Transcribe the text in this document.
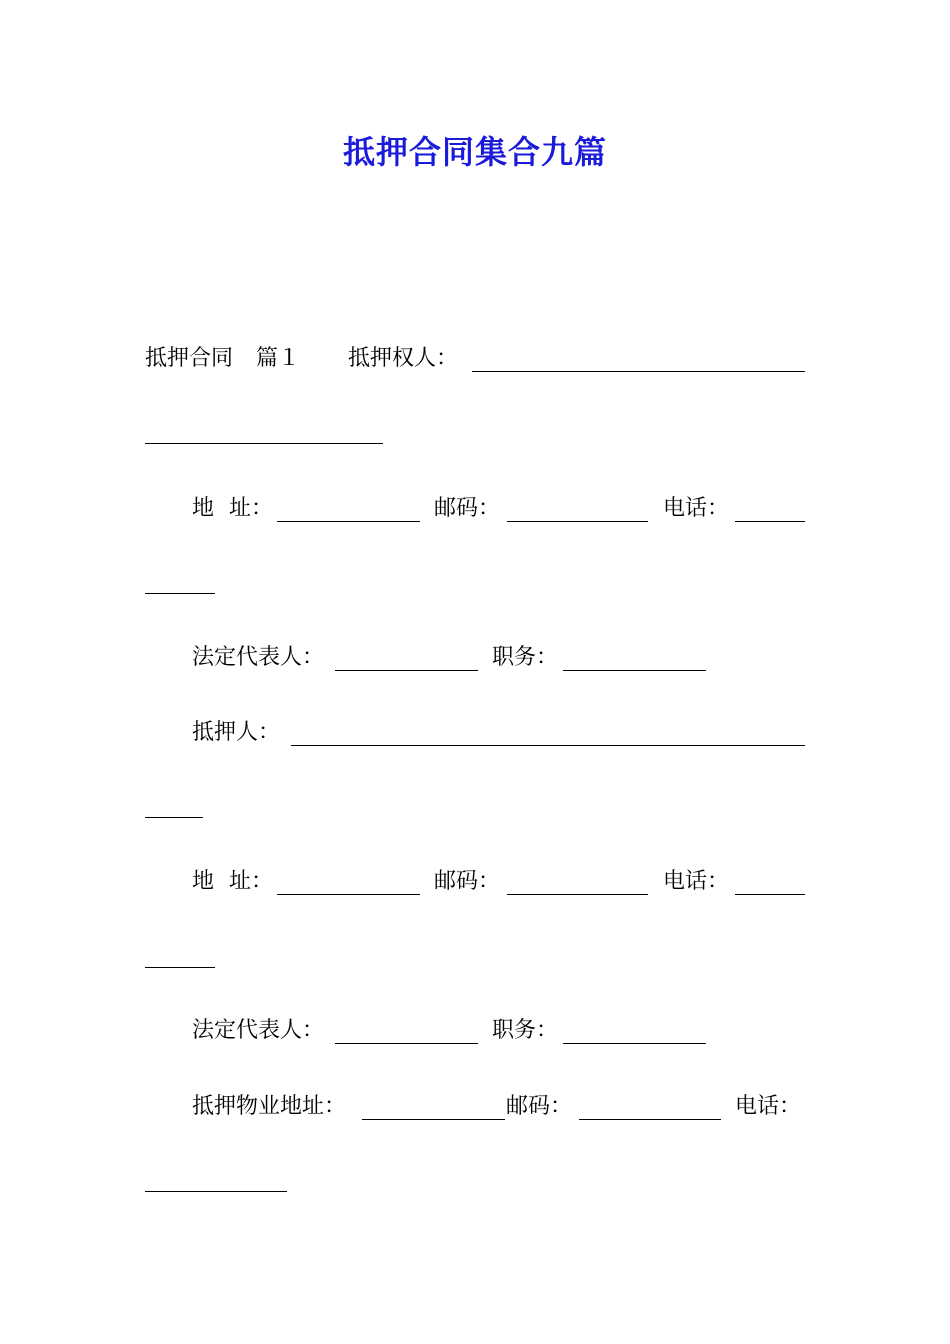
抵押合同集合九篇
抵押合同 篇１ 抵押权人：
地 址：	邮码：	电话：
法定代表人：	职务：
抵押人：
地 址：	邮码：	电话：
法定代表人：	职务：
抵押物业地址：	邮码：	电话：
